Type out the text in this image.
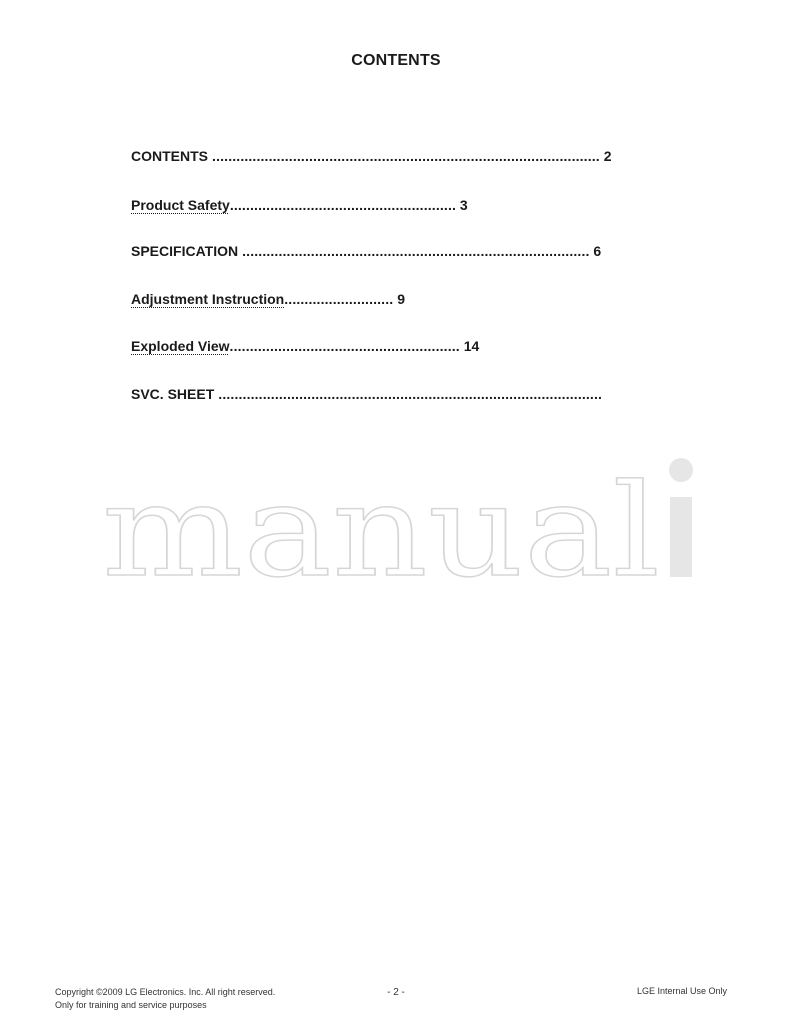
CONTENTS
CONTENTS ................................................................................................ 2
Product Safety........................................................ 3
SPECIFICATION ...................................................................................... 6
Adjustment Instruction........................... 9
Exploded View......................................................... 14
SVC. SHEET ...............................................................................................
manual
Copyright ©2009 LG Electronics. Inc. All right reserved.
Only for training and service purposes
- 2 -	LGE Internal Use Only
